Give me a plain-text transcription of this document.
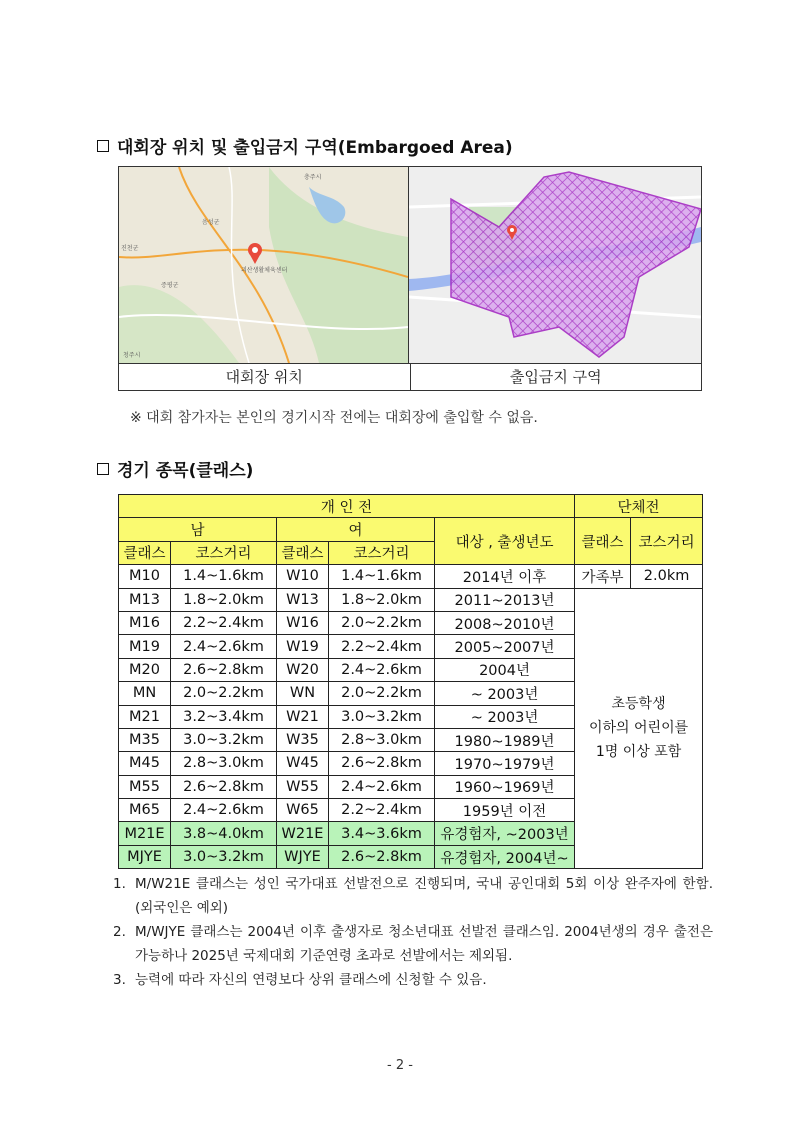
대회장 위치 및 출입금지 구역(Embargoed Area)
충주시
음성군
증평군
청주시
진천군
괴산생활체육센터
대회장 위치	출입금지 구역
※ 대회 참가자는 본인의 경기시작 전에는 대회장에 출입할 수 없음.
경기 종목(클래스)
개 인 전					단체전	
남		여		대상 , 출생년도	클래스	코스거리
클래스	코스거리	클래스	코스거리			
M10	1.4~1.6km	W10	1.4~1.6km	2014년 이후	가족부	2.0km
M13	1.8~2.0km	W13	1.8~2.0km	2011~2013년	초등학생
이하의 어린이를
1명 이상 포함	

M16	2.2~2.4km	W16	2.0~2.2km	2008~2010년		
M19	2.4~2.6km	W19	2.2~2.4km	2005~2007년		
M20	2.6~2.8km	W20	2.4~2.6km	2004년		
MN	2.0~2.2km	WN	2.0~2.2km	~ 2003년		
M21	3.2~3.4km	W21	3.0~3.2km	~ 2003년		
M35	3.0~3.2km	W35	2.8~3.0km	1980~1989년		
M45	2.8~3.0km	W45	2.6~2.8km	1970~1979년		
M55	2.6~2.8km	W55	2.4~2.6km	1960~1969년		
M65	2.4~2.6km	W65	2.2~2.4km	1959년 이전		
M21E	3.8~4.0km	W21E	3.4~3.6km	유경험자, ~2003년		
MJYE	3.0~3.2km	WJYE	2.6~2.8km	유경험자, 2004년~		
1. M/W21E 클래스는 성인 국가대표 선발전으로 진행되며, 국내 공인대회 5회 이상 완주자에 한함.(외국인은 예외)
2. M/WJYE 클래스는 2004년 이후 출생자로 청소년대표 선발전 클래스임. 2004년생의 경우 출전은 가능하나 2025년 국제대회 기준연령 초과로 선발에서는 제외됨.
3. 능력에 따라 자신의 연령보다 상위 클래스에 신청할 수 있음.
- 2 -
